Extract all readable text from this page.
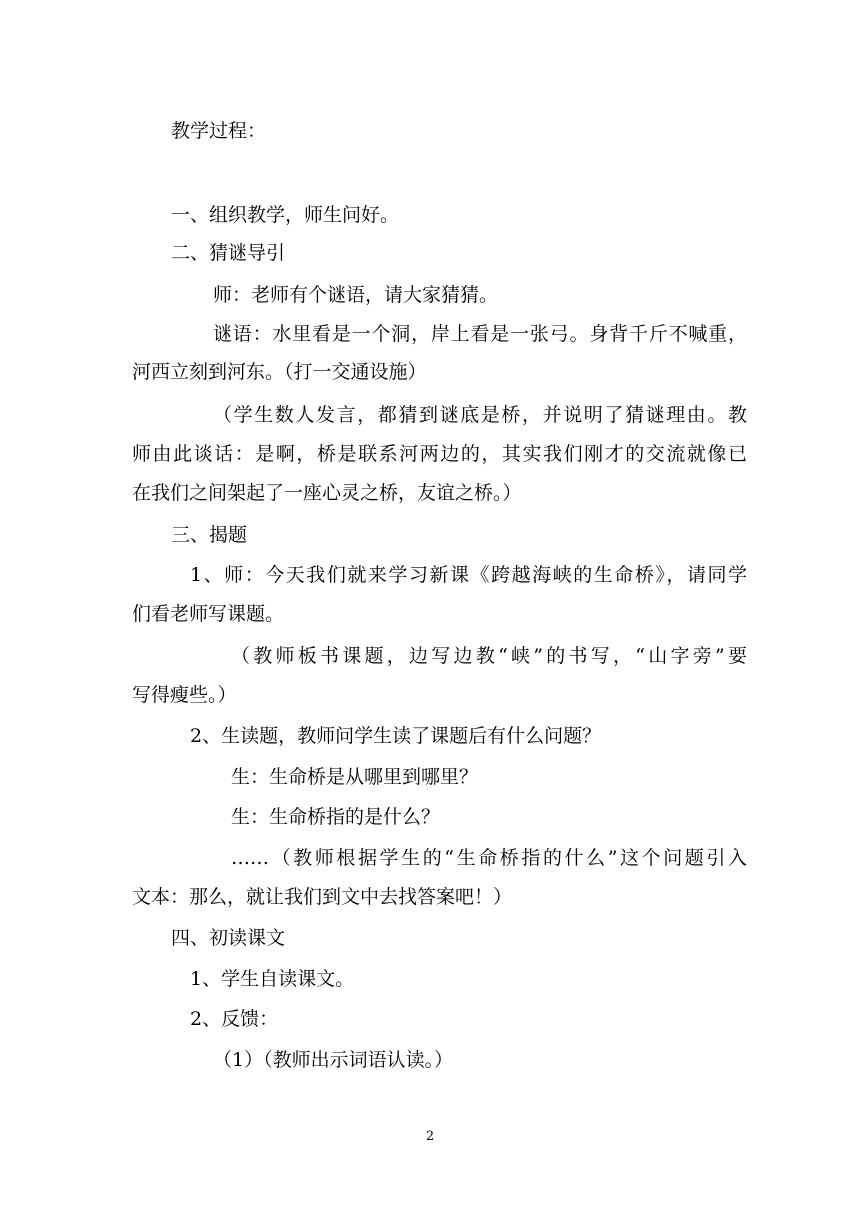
教学过程：
一、组织教学，师生问好。
二、猜谜导引
师：老师有个谜语，请大家猜猜。
谜语：水里看是一个洞，岸上看是一张弓。身背千斤不喊重，
河西立刻到河东。（打一交通设施）
（学生数人发言，都猜到谜底是桥，并说明了猜谜理由。教
师由此谈话：是啊，桥是联系河两边的，其实我们刚才的交流就像已
在我们之间架起了一座心灵之桥，友谊之桥。）
三、揭题
1、师：今天我们就来学习新课《跨越海峡的生命桥》，请同学
们看老师写课题。
（教师板书课题，边写边教“峡”的书写，“山字旁”要
写得瘦些。）
2、生读题，教师问学生读了课题后有什么问题？
生：生命桥是从哪里到哪里？
生：生命桥指的是什么？
……（教师根据学生的“生命桥指的什么”这个问题引入
文本：那么，就让我们到文中去找答案吧！）
四、初读课文
1、学生自读课文。
2、反馈：
（1）（教师出示词语认读。）
2
